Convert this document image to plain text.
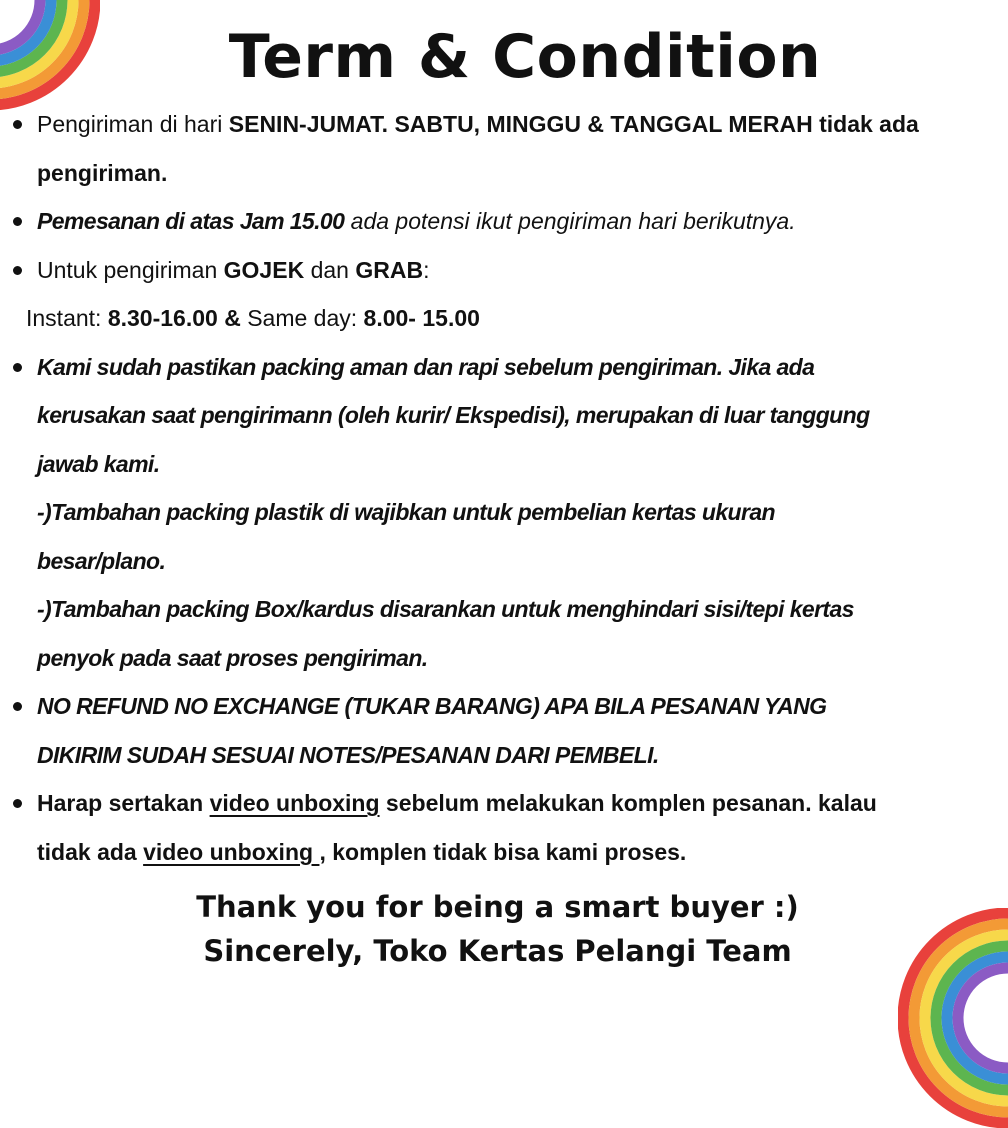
Term & Condition
Pengiriman di hari SENIN-JUMAT. SABTU, MINGGU & TANGGAL MERAH tidak ada
pengiriman.
Pemesanan di atas Jam 15.00 ada potensi ikut pengiriman hari berikutnya.
Untuk pengiriman GOJEK dan GRAB:
Instant: 8.30-16.00 & Same day: 8.00- 15.00
Kami sudah pastikan packing aman dan rapi sebelum pengiriman. Jika ada
kerusakan saat pengirimann (oleh kurir/ Ekspedisi), merupakan di luar tanggung
jawab kami.
-)Tambahan packing plastik di wajibkan untuk pembelian kertas ukuran
besar/plano.
-)Tambahan packing Box/kardus disarankan untuk menghindari sisi/tepi kertas
penyok pada saat proses pengiriman.
NO REFUND NO EXCHANGE (TUKAR BARANG) APA BILA PESANAN YANG
DIKIRIM SUDAH SESUAI NOTES/PESANAN DARI PEMBELI.
Harap sertakan video unboxing sebelum melakukan komplen pesanan. kalau
tidak ada video unboxing , komplen tidak bisa kami proses.
Thank you for being a smart buyer :)
Sincerely, Toko Kertas Pelangi Team
